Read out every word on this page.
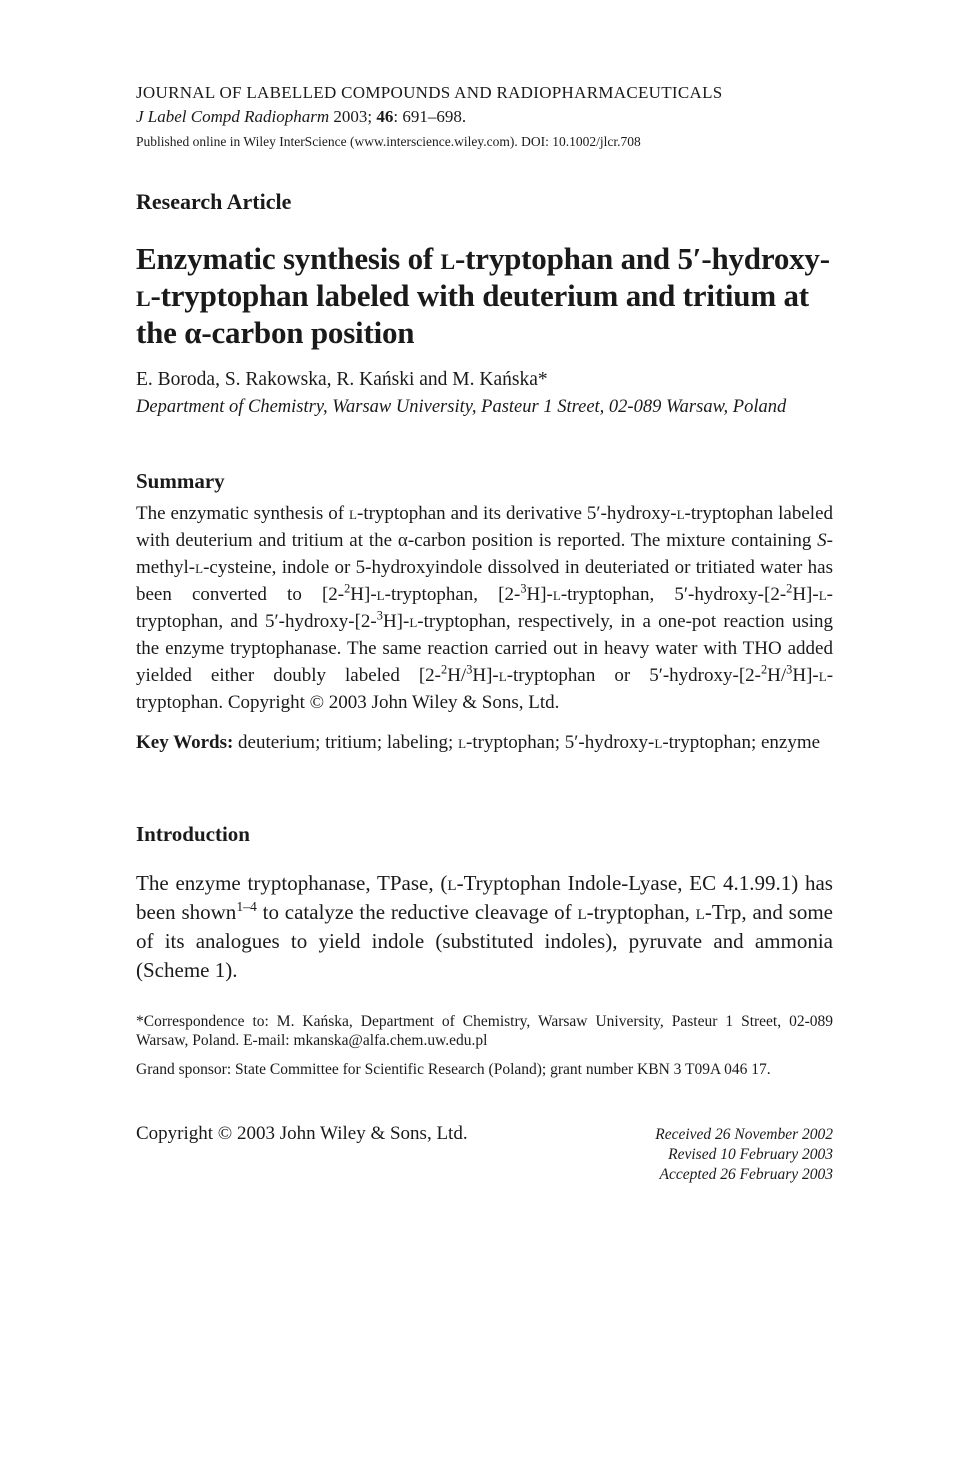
JOURNAL OF LABELLED COMPOUNDS AND RADIOPHARMACEUTICALS
J Label Compd Radiopharm 2003; 46: 691–698.
Published online in Wiley InterScience (www.interscience.wiley.com). DOI: 10.1002/jlcr.708
Research Article
Enzymatic synthesis of l-tryptophan and 5′-hydroxy-l-tryptophan labeled with deuterium and tritium at the α-carbon position
E. Boroda, S. Rakowska, R. Kański and M. Kańska*
Department of Chemistry, Warsaw University, Pasteur 1 Street, 02-089 Warsaw, Poland
Summary
The enzymatic synthesis of l-tryptophan and its derivative 5′-hydroxy-l-tryptophan labeled with deuterium and tritium at the α-carbon position is reported. The mixture containing S-methyl-l-cysteine, indole or 5-hydroxyindole dissolved in deuteriated or tritiated water has been converted to [2-$^2$H]-l-tryptophan, [2-$^3$H]-l-tryptophan, 5′-hydroxy-[2-$^2$H]-l-tryptophan, and 5′-hydroxy-[2-$^3$H]-l-tryptophan, respectively, in a one-pot reaction using the enzyme tryptophanase. The same reaction carried out in heavy water with THO added yielded either doubly labeled [2-$^2$H/$^3$H]-l-tryptophan or 5′-hydroxy-[2-$^2$H/$^3$H]-l-tryptophan. Copyright © 2003 John Wiley & Sons, Ltd.
Key Words: deuterium; tritium; labeling; l-tryptophan; 5′-hydroxy-l-tryptophan; enzyme
Introduction
The enzyme tryptophanase, TPase, (l-Tryptophan Indole-Lyase, EC 4.1.99.1) has been shown$^{1-4}$ to catalyze the reductive cleavage of l-tryptophan, l-Trp, and some of its analogues to yield indole (substituted indoles), pyruvate and ammonia (Scheme 1).

*Correspondence to: M. Kańska, Department of Chemistry, Warsaw University, Pasteur 1 Street, 02-089 Warsaw, Poland. E-mail: mkanska@alfa.chem.uw.edu.pl

Grand sponsor: State Committee for Scientific Research (Poland); grant number KBN 3 T09A 046 17.

Copyright © 2003 John Wiley & Sons, Ltd.	Received 26 November 2002
Revised 10 February 2003
Accepted 26 February 2003
